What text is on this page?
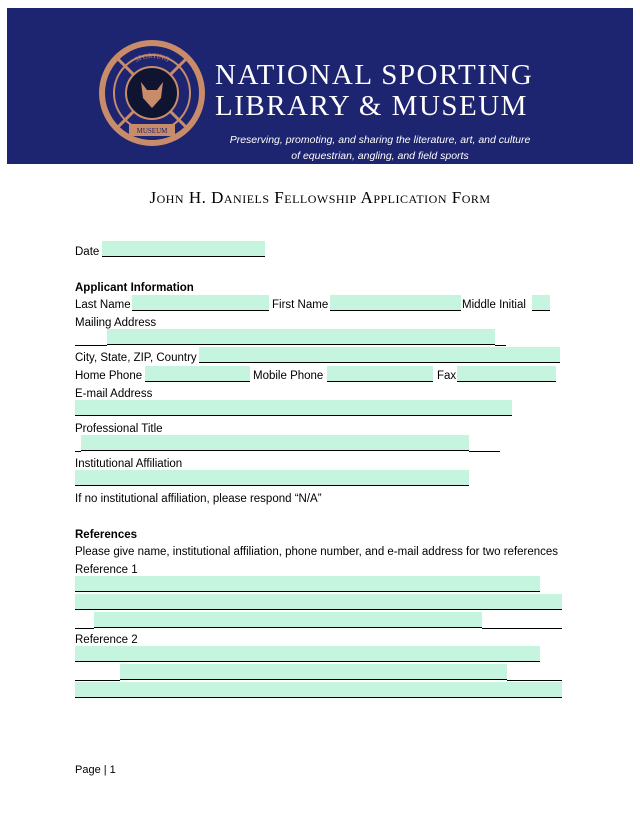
SPORTING
NATIONAL	LIBRARY &
MUSEUM
NATIONAL SPORTING
LIBRARY & MUSEUM
Preserving, promoting, and sharing the literature, art, and culture
of equestrian, angling, and field sports
John H. Daniels Fellowship Application Form
Date
Applicant Information
Last Name	First Name	Middle Initial
Mailing Address
City, State, ZIP, Country
Home Phone	Mobile Phone	Fax
E-mail Address
Professional Title
Institutional Affiliation
If no institutional affiliation, please respond “N/A”
References
Please give name, institutional affiliation, phone number, and e-mail address for two references
Reference 1
Reference 2
Page | 1
